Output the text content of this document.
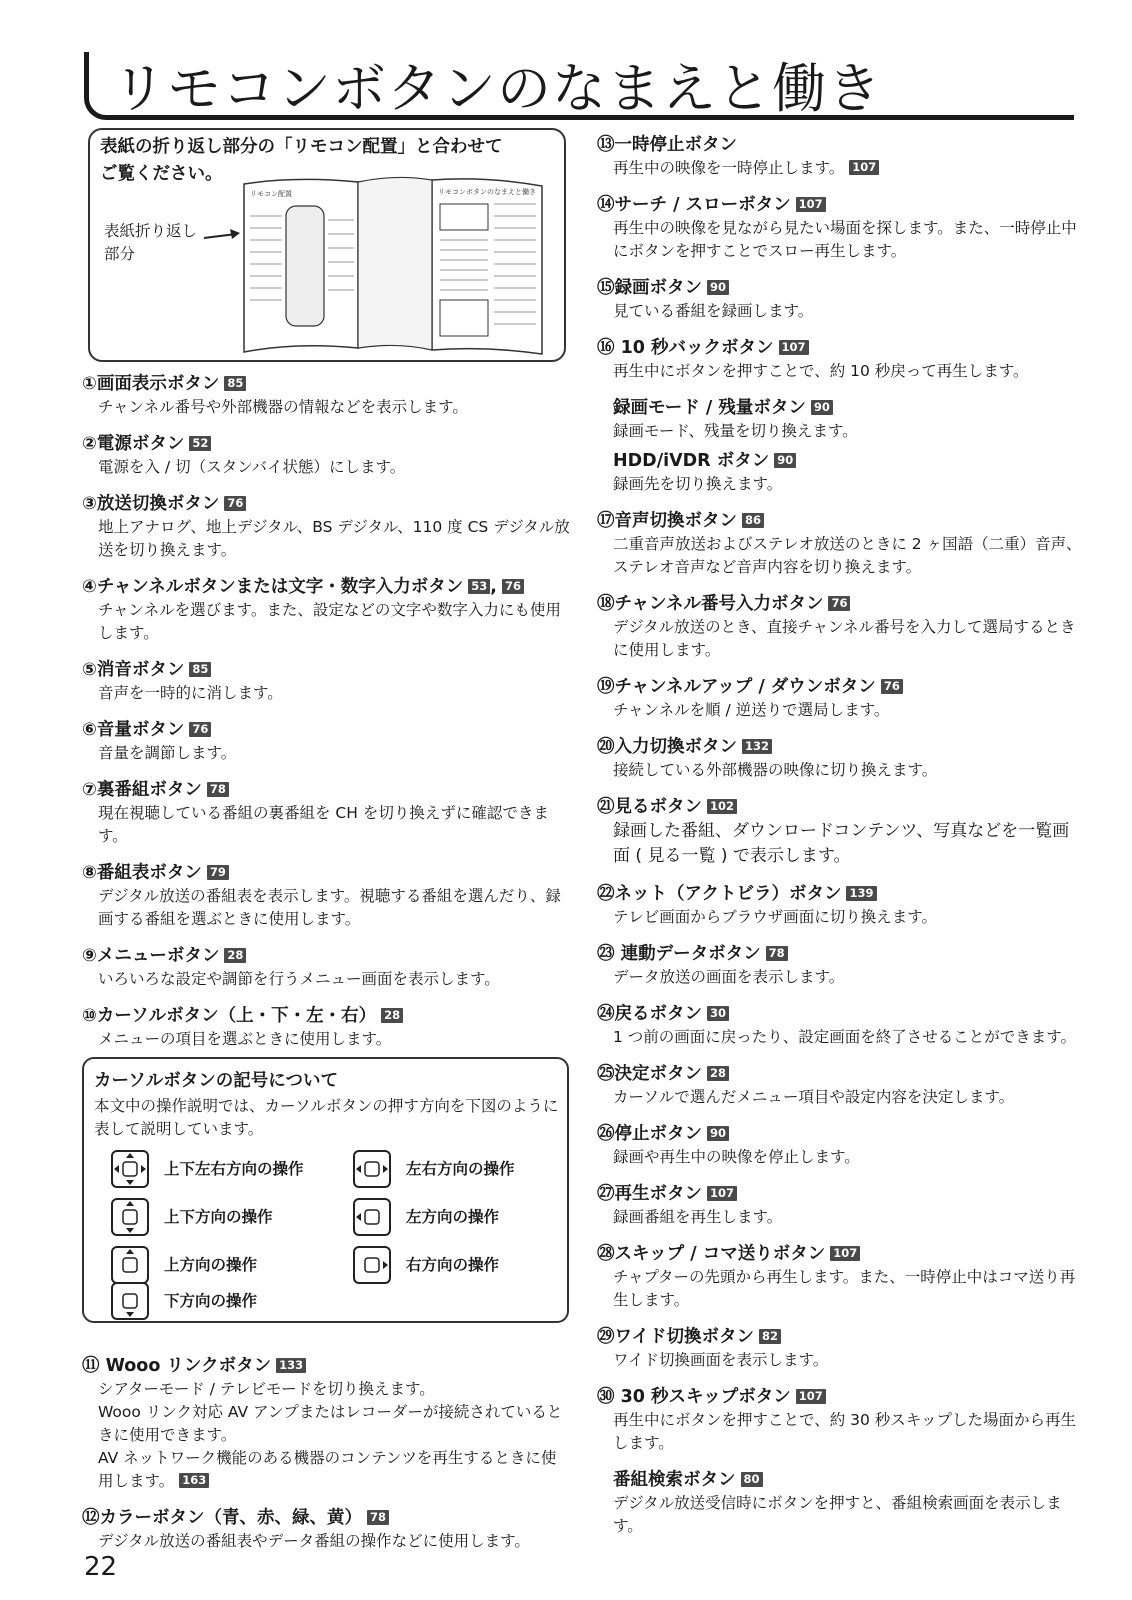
リモコンボタンのなまえと働き
表紙の折り返し部分の「リモコン配置」と合わせて
ご覧ください。
表紙折り返し
部分
リモコン配置	リモコンボタンのなまえと働き
①画面表示ボタン 85
チャンネル番号や外部機器の情報などを表示します。
②電源ボタン 52
電源を入 / 切（スタンバイ状態）にします。
③放送切換ボタン 76
地上アナログ、地上デジタル、BS デジタル、110 度 CS デジタル放送を切り換えます。
④チャンネルボタンまたは文字・数字入力ボタン 53 , 76
チャンネルを選びます。また、設定などの文字や数字入力にも使用します。
⑤消音ボタン 85
音声を一時的に消します。
⑥音量ボタン 76
音量を調節します。
⑦裏番組ボタン 78
現在視聴している番組の裏番組を CH を切り換えずに確認できます。
⑧番組表ボタン 79
デジタル放送の番組表を表示します。視聴する番組を選んだり、録画する番組を選ぶときに使用します。
⑨メニューボタン 28
いろいろな設定や調節を行うメニュー画面を表示します。
⑩カーソルボタン（上・下・左・右） 28
メニューの項目を選ぶときに使用します。
カーソルボタンの記号について
本文中の操作説明では、カーソルボタンの押す方向を下図のように表して説明しています。
上下左右方向の操作	左右方向の操作
上下方向の操作	左方向の操作
上方向の操作	右方向の操作
下方向の操作
⑪ Wooo リンクボタン 133
シアターモード / テレビモードを切り換えます。
Wooo リンク対応 AV アンプまたはレコーダーが接続されているときに使用できます。
AV ネットワーク機能のある機器のコンテンツを再生するときに使用します。 163
⑫カラーボタン（青、赤、緑、黄） 78
デジタル放送の番組表やデータ番組の操作などに使用します。
⑬一時停止ボタン
再生中の映像を一時停止します。 107
⑭サーチ / スローボタン 107
再生中の映像を見ながら見たい場面を探します。また、一時停止中にボタンを押すことでスロー再生します。
⑮録画ボタン 90
見ている番組を録画します。
⑯ 10 秒バックボタン 107
再生中にボタンを押すことで、約 10 秒戻って再生します。
録画モード / 残量ボタン 90
録画モード、残量を切り換えます。
HDD/iVDR ボタン 90
録画先を切り換えます。
⑰音声切換ボタン 86
二重音声放送およびステレオ放送のときに 2 ヶ国語（二重）音声、ステレオ音声など音声内容を切り換えます。
⑱チャンネル番号入力ボタン 76
デジタル放送のとき、直接チャンネル番号を入力して選局するときに使用します。
⑲チャンネルアップ / ダウンボタン 76
チャンネルを順 / 逆送りで選局します。
⑳入力切換ボタン 132
接続している外部機器の映像に切り換えます。
㉑見るボタン 102
録画した番組、ダウンロードコンテンツ、写真などを一覧画面 ( 見る一覧 ) で表示します。
㉒ネット（アクトビラ）ボタン 139
テレビ画面からブラウザ画面に切り換えます。
㉓ 連動データボタン 78
データ放送の画面を表示します。
㉔戻るボタン 30
1 つ前の画面に戻ったり、設定画面を終了させることができます。
㉕決定ボタン 28
カーソルで選んだメニュー項目や設定内容を決定します。
㉖停止ボタン 90
録画や再生中の映像を停止します。
㉗再生ボタン 107
録画番組を再生します。
㉘スキップ / コマ送りボタン 107
チャプターの先頭から再生します。また、一時停止中はコマ送り再生します。
㉙ワイド切換ボタン 82
ワイド切換画面を表示します。
㉚ 30 秒スキップボタン 107
再生中にボタンを押すことで、約 30 秒スキップした場面から再生します。
番組検索ボタン 80
デジタル放送受信時にボタンを押すと、番組検索画面を表示します。
22
